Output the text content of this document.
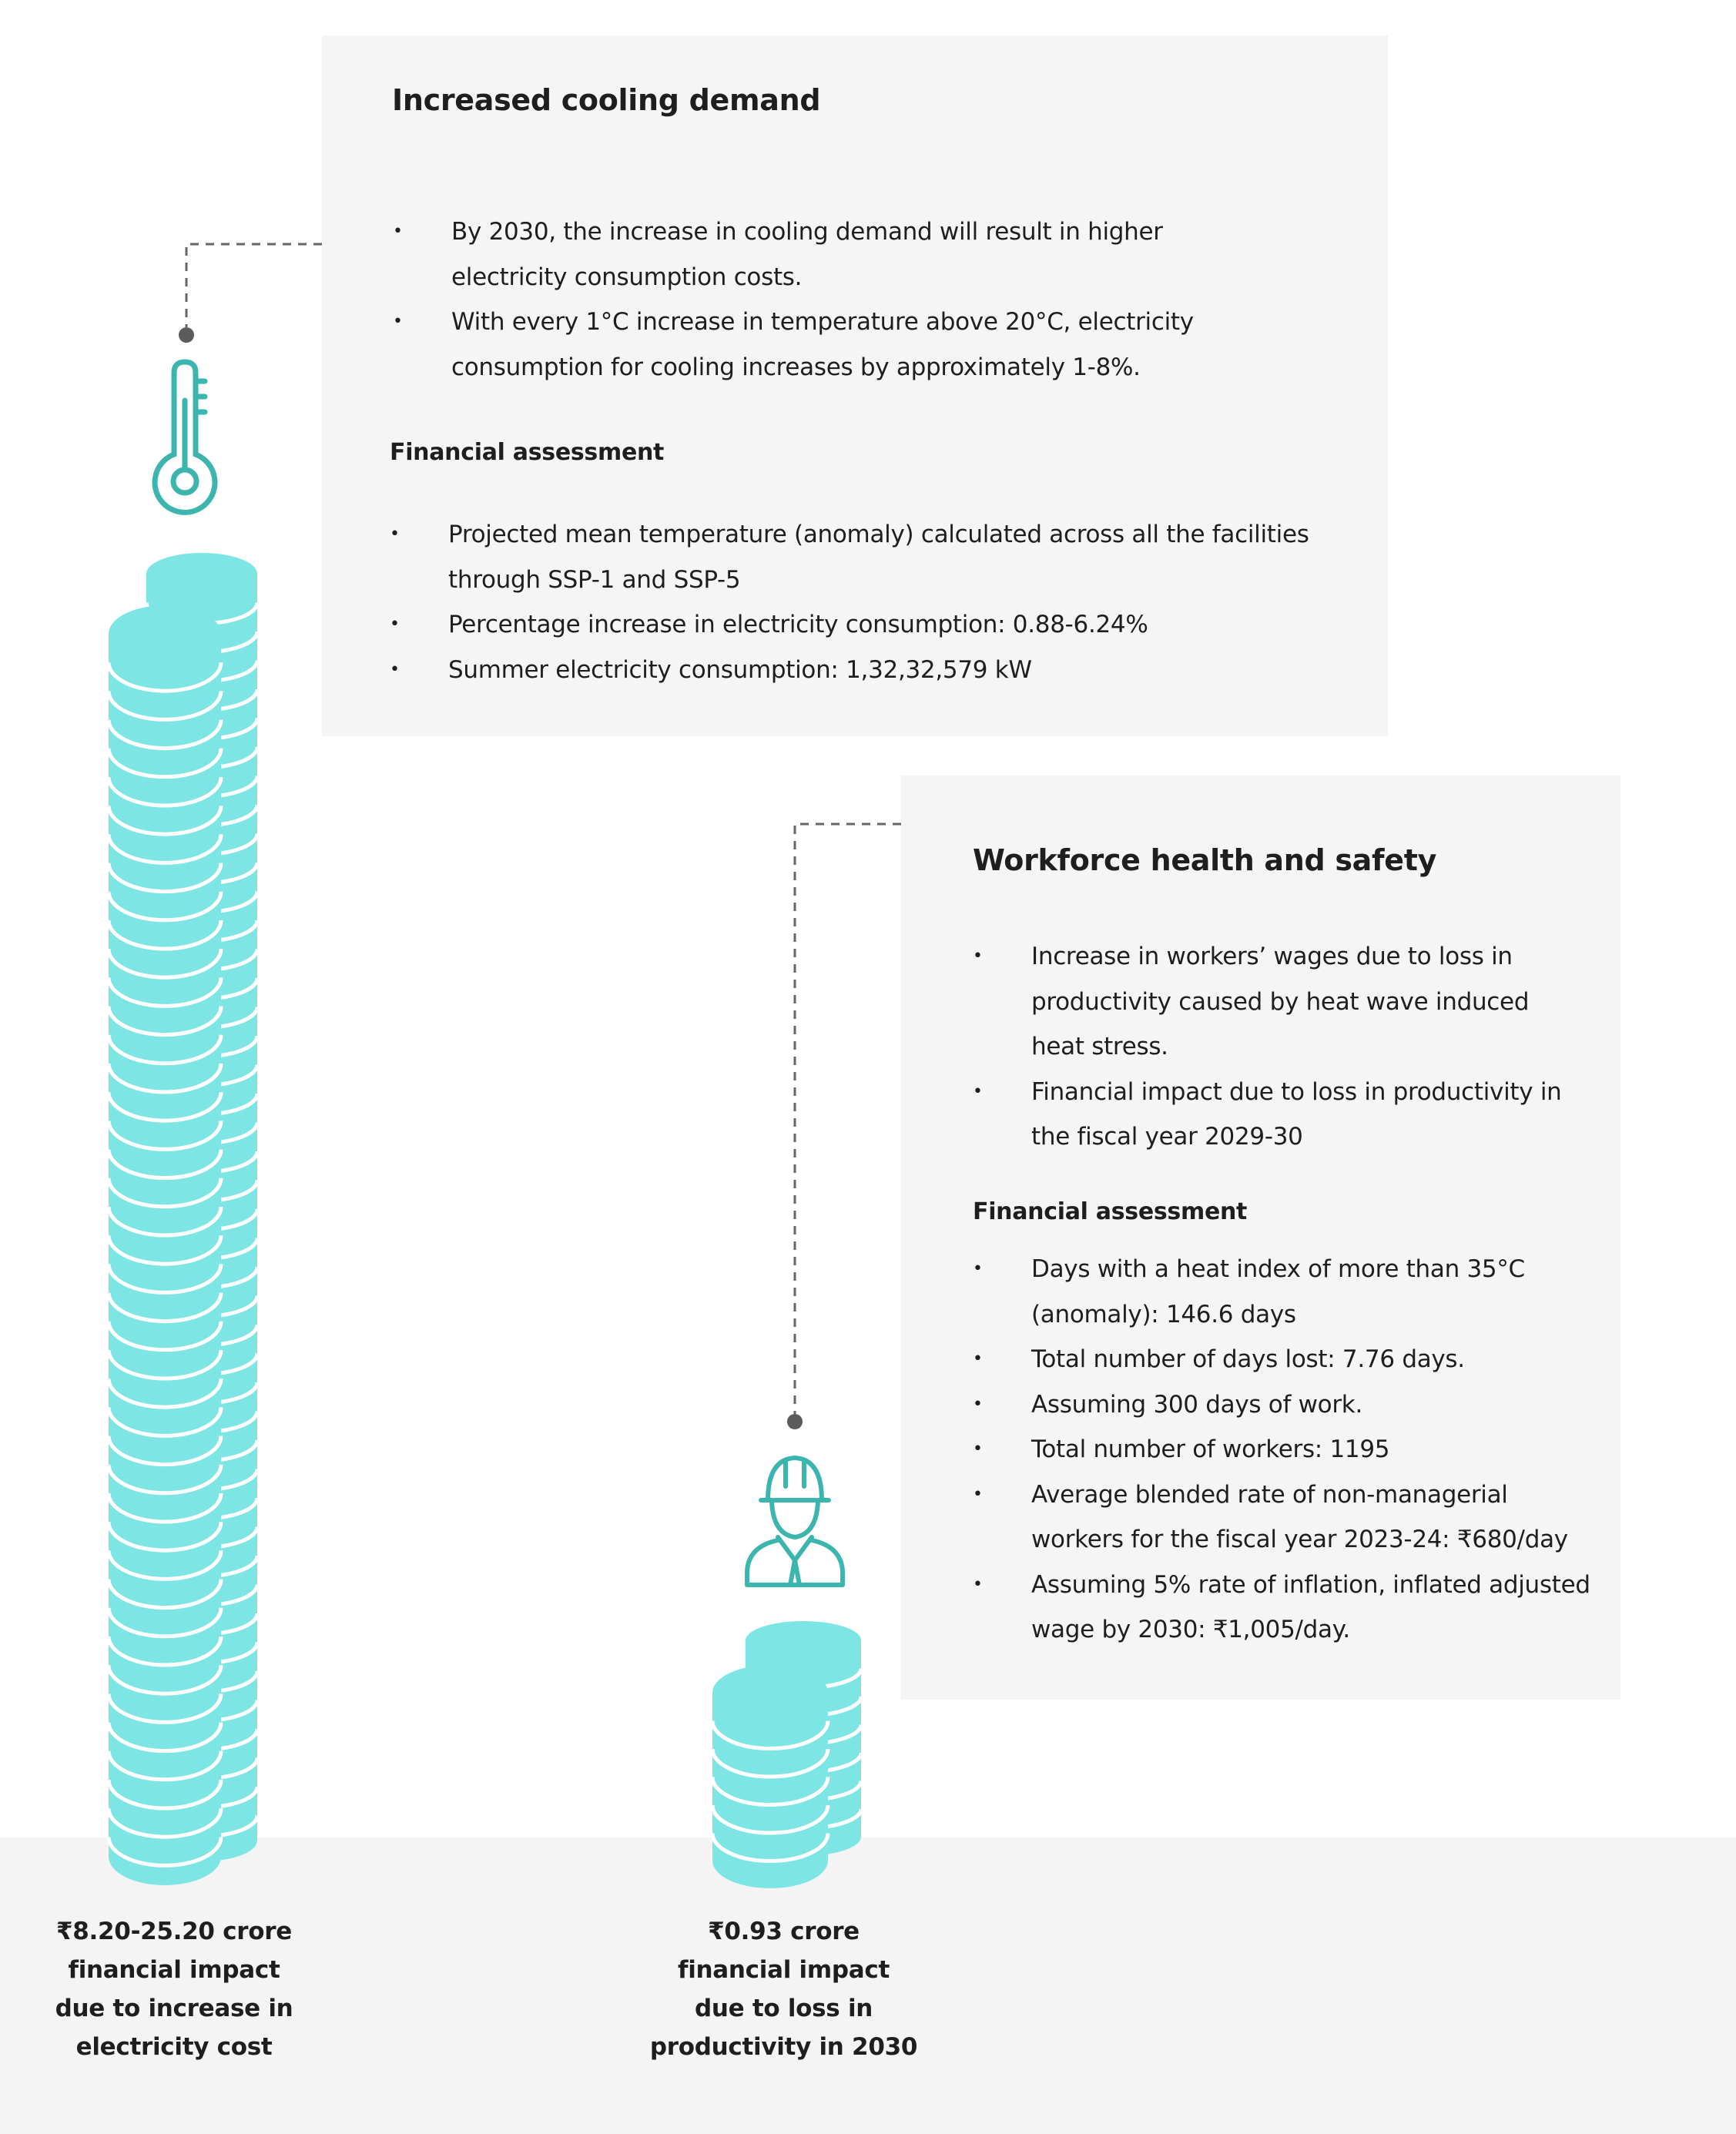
Increased cooling demand
• By 2030, the increase in cooling demand will result in higher electricity consumption costs.
• With every 1°C increase in temperature above 20°C, electricity consumption for cooling increases by approximately 1-8%.
Financial assessment
• Projected mean temperature (anomaly) calculated across all the facilities through SSP-1 and SSP-5
• Percentage increase in electricity consumption: 0.88-6.24%
• Summer electricity consumption: 1,32,32,579 kW
Workforce health and safety
• Increase in workers’ wages due to loss in productivity caused by heat wave induced heat stress.
• Financial impact due to loss in productivity in the fiscal year 2029-30
Financial assessment
• Days with a heat index of more than 35°C (anomaly): 146.6 days
• Total number of days lost: 7.76 days.
• Assuming 300 days of work.
• Total number of workers: 1195
• Average blended rate of non-managerial workers for the fiscal year 2023-24: ₹680/day
• Assuming 5% rate of inflation, inflated adjusted wage by 2030: ₹1,005/day.
₹8.20-25.20 crore
financial impact
due to increase in
electricity cost
₹0.93 crore
financial impact
due to loss in
productivity in 2030
